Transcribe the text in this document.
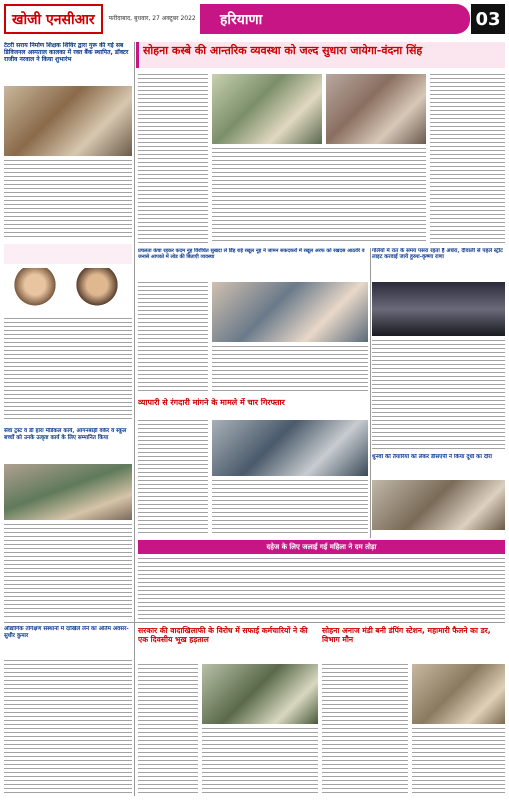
खोजी एनसीआर	फरीदाबाद, बुधवार, 27 अक्टूबर 2022	हरियाणा	03
टेटरी सराय निर्माण शिक्षक शिविर द्वारा गुरू की गई सब डिविजनल अस्पताल कालका में रक्त बैंक स्थापित, डॉक्टर राजीव नरवाल ने किया शुभारंभ
सेवा ट्रस्ट व डी हारा मेडिकल कार्य, आंगनबाड़ी वर्कर व स्कूल बच्चों को उनके उत्कृष्ट कार्य के लिए सम्मानित किया
सोहना कस्बे की आन्तरिक व्यवस्था को जल्द सुधारा जायेगा-वंदना सिंह
प्रचलता कंचा रहकर कदम नूह विरोधित सुखदा ले डिंह राई रखूल नूह ने जामन सकदकरों में रखूल अरफ को रखदस आठवेरे व जनासे आपको में लोड की बिताएी व्यवस्था
गलियों में रात के समय पसरा रहता है अंधेरा, दीवाली से पहले स्ट्रीट लाइट करवाई जाये हुरुश-कृष्णा राणा
व्यापारी से रंगदारी मांगने के मामले में चार गिरफ्तार
धुनवो की तैयारियों को लेकर डीसएपी ने किया दूधी का दौरा
दहेज के लिए जलाई गई महिला ने दम तोड़ा
औद्योगिक तंगिक्षण संस्थानों में दाखिले लेने का अंतिम अवसर-सुधीर कुमार
सरकार की वादाखिलाफी के विरोध में सफाई कर्मचारियों ने की एक दिवसीय भूख हड़ताल
सोहना अनाज मंडी बनी डंपिंग स्टेशन, महामारी फैलने का डर, विभाग मौन
